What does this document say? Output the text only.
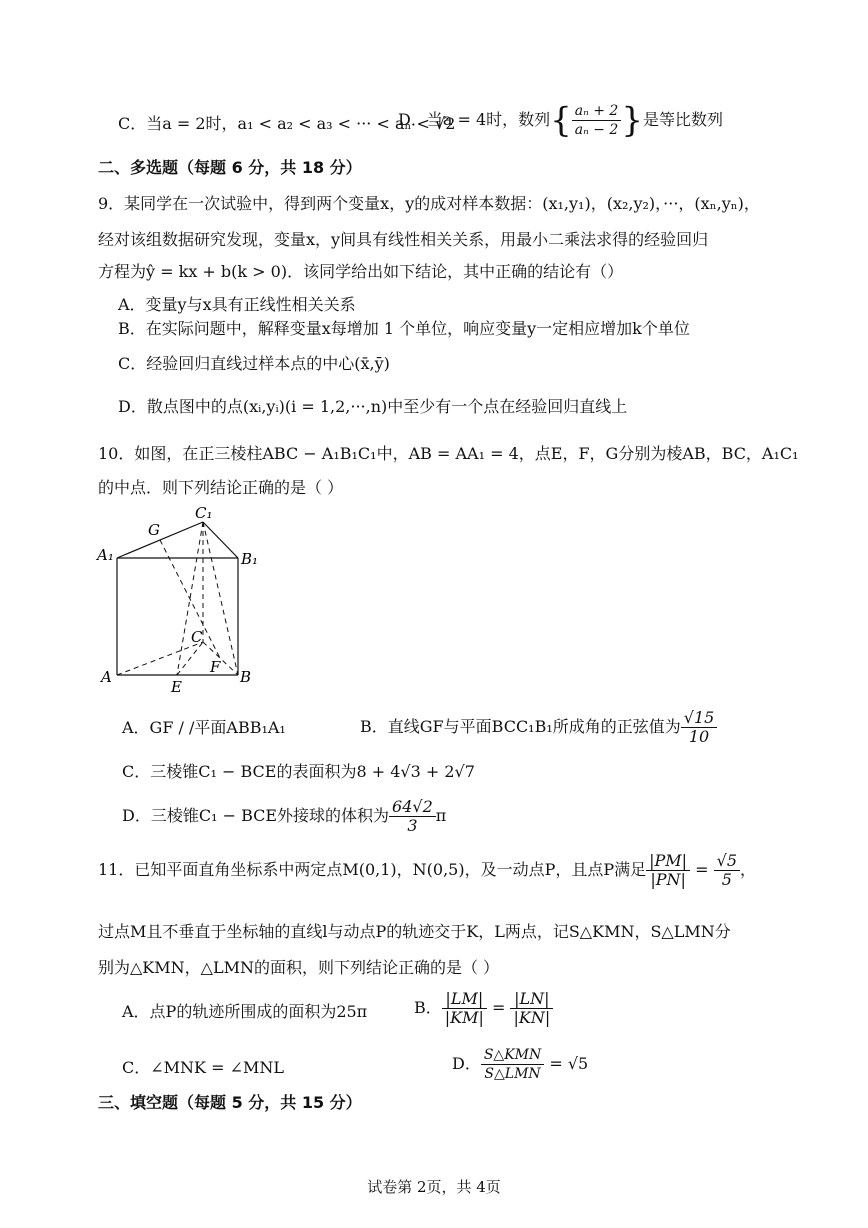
C．当a = 2时，a₁ < a₂ < a₃ < ··· < aₙ < √2
D．当a = 4时，数列{ $\frac{\text{aₙ + 2}}{\text{aₙ − 2}}$ }是等比数列
二、多选题（每题 6 分，共 18 分）
9．某同学在一次试验中，得到两个变量x，y的成对样本数据：(x₁,y₁)，(x₂,y₂)，···，(xₙ,yₙ)，
经对该组数据研究发现，变量x，y间具有线性相关关系，用最小二乘法求得的经验回归
方程为ŷ = kx + b(k > 0)．该同学给出如下结论，其中正确的结论有（）
A．变量y与x具有正线性相关关系
B．在实际问题中，解释变量x每增加 1 个单位，响应变量y一定相应增加k个单位
C．经验回归直线过样本点的中心(x̄,ȳ)
D．散点图中的点(xᵢ,yᵢ)(i = 1,2,···,n)中至少有一个点在经验回归直线上
10．如图，在正三棱柱ABC − A₁B₁C₁中，AB = AA₁ = 4，点E，F，G分别为棱AB，BC，A₁C₁
的中点．则下列结论正确的是（ ）
C₁
G
A₁	B₁
C
F
A
E
B
A．GF / /平面ABB₁A₁	B．直线GF与平面BCC₁B₁所成角的正弦值为 $\frac{√15}{10}$
C．三棱锥C₁ − BCE的表面积为8 + 4√3 + 2√7
D．三棱锥C₁ − BCE外接球的体积为 $\frac{64√2}{3}$ π
11．已知平面直角坐标系中两定点M(0,1)，N(0,5)，及一动点P，且点P满足 $\frac{|PM|}{|PN|} = \frac{√5}{5}$ ，
过点M且不垂直于坐标轴的直线l与动点P的轨迹交于K，L两点，记S△KMN，S△LMN分
别为△KMN，△LMN的面积，则下列结论正确的是（ ）
A．点P的轨迹所围成的面积为25π	B． $\frac{|LM|}{|KM|} = \frac{|LN|}{|KN|}$
C．∠MNK = ∠MNL	D． $\frac{\text{S△KMN}}{\text{S△LMN}} = √5$
三、填空题（每题 5 分，共 15 分）
试卷第 2页，共 4页
